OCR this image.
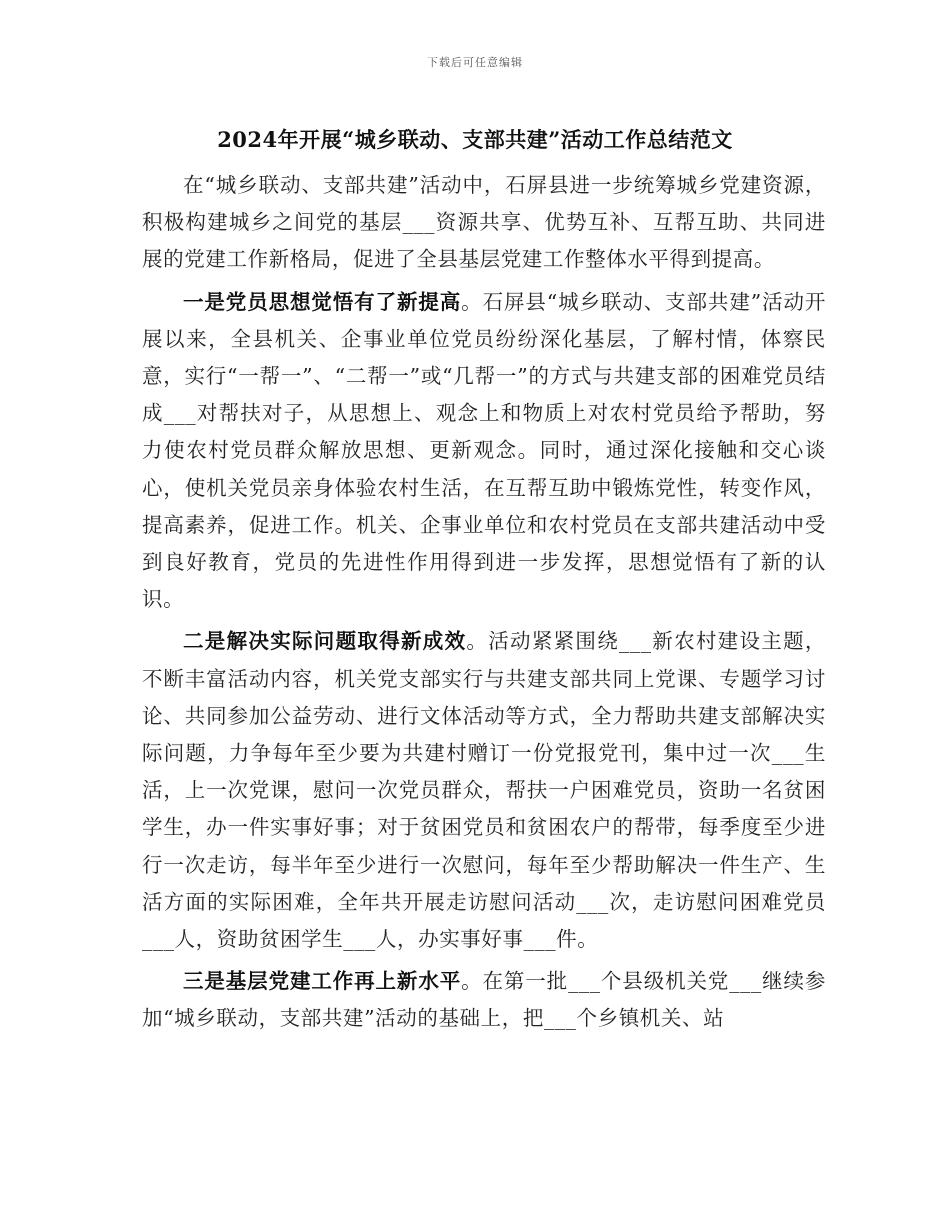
下载后可任意编辑
2024年开展“城乡联动、支部共建”活动工作总结范文

在“城乡联动、支部共建”活动中，石屏县进一步统筹城乡党建资源，积极构建城乡之间党的基层___资源共享、优势互补、互帮互助、共同进展的党建工作新格局，促进了全县基层党建工作整体水平得到提高。

一是党员思想觉悟有了新提高。石屏县“城乡联动、支部共建”活动开展以来，全县机关、企事业单位党员纷纷深化基层，了解村情，体察民意，实行“一帮一”、“二帮一”或“几帮一”的方式与共建支部的困难党员结成___对帮扶对子，从思想上、观念上和物质上对农村党员给予帮助，努力使农村党员群众解放思想、更新观念。同时，通过深化接触和交心谈心，使机关党员亲身体验农村生活，在互帮互助中锻炼党性，转变作风，提高素养，促进工作。机关、企事业单位和农村党员在支部共建活动中受到良好教育，党员的先进性作用得到进一步发挥，思想觉悟有了新的认识。

二是解决实际问题取得新成效。活动紧紧围绕___新农村建设主题，不断丰富活动内容，机关党支部实行与共建支部共同上党课、专题学习讨论、共同参加公益劳动、进行文体活动等方式，全力帮助共建支部解决实际问题，力争每年至少要为共建村赠订一份党报党刊，集中过一次___生活，上一次党课，慰问一次党员群众，帮扶一户困难党员，资助一名贫困学生，办一件实事好事；对于贫困党员和贫困农户的帮带，每季度至少进行一次走访，每半年至少进行一次慰问，每年至少帮助解决一件生产、生活方面的实际困难，全年共开展走访慰问活动___次，走访慰问困难党员___人，资助贫困学生___人，办实事好事___件。

三是基层党建工作再上新水平。在第一批___个县级机关党___继续参加“城乡联动，支部共建”活动的基础上，把___个乡镇机关、站
